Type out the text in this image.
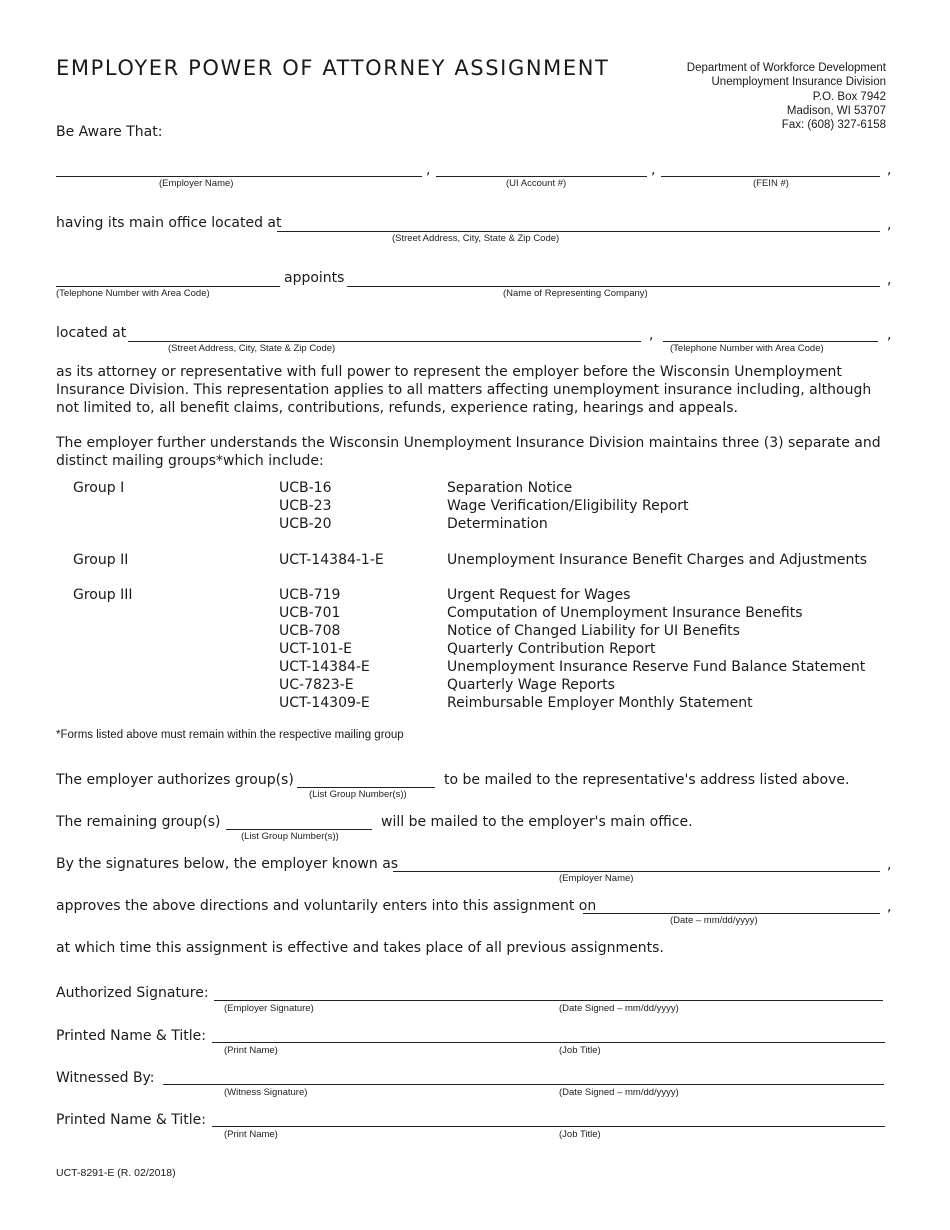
EMPLOYER POWER OF ATTORNEY ASSIGNMENT	Department of Workforce Development
Unemployment Insurance Division
P.O. Box 7942
Madison, WI 53707
Fax: (608) 327-6158
Be Aware That:
,	,	,
(Employer Name)	(UI Account #)	(FEIN #)
having its main office located at	,
(Street Address, City, State & Zip Code)
appoints	,
(Telephone Number with Area Code)	(Name of Representing Company)
located at	,	,
(Street Address, City, State & Zip Code)	(Telephone Number with Area Code)
as its attorney or representative with full power to represent the employer before the Wisconsin Unemployment Insurance Division. This representation applies to all matters affecting unemployment insurance including, although not limited to, all benefit claims, contributions, refunds, experience rating, hearings and appeals.
The employer further understands the Wisconsin Unemployment Insurance Division maintains three (3) separate and distinct mailing groups*which include:
Group I	UCB-16	Separation Notice
UCB-23	Wage Verification/Eligibility Report
UCB-20	Determination
Group II	UCT-14384-1-E	Unemployment Insurance Benefit Charges and Adjustments
Group III	UCB-719	Urgent Request for Wages
UCB-701	Computation of Unemployment Insurance Benefits
UCB-708	Notice of Changed Liability for UI Benefits
UCT-101-E	Quarterly Contribution Report
UCT-14384-E	Unemployment Insurance Reserve Fund Balance Statement
UC-7823-E	Quarterly Wage Reports
UCT-14309-E	Reimbursable Employer Monthly Statement
*Forms listed above must remain within the respective mailing group
The employer authorizes group(s)	to be mailed to the representative's address listed above.
(List Group Number(s))
The remaining group(s)	will be mailed to the employer's main office.
(List Group Number(s))
By the signatures below, the employer known as	,
(Employer Name)
approves the above directions and voluntarily enters into this assignment on	,
(Date – mm/dd/yyyy)
at which time this assignment is effective and takes place of all previous assignments.
Authorized Signature:
(Employer Signature)	(Date Signed – mm/dd/yyyy)
Printed Name & Title:
(Print Name)	(Job Title)
Witnessed By:
(Witness Signature)	(Date Signed – mm/dd/yyyy)
Printed Name & Title:
(Print Name)	(Job Title)
UCT-8291-E (R. 02/2018)
